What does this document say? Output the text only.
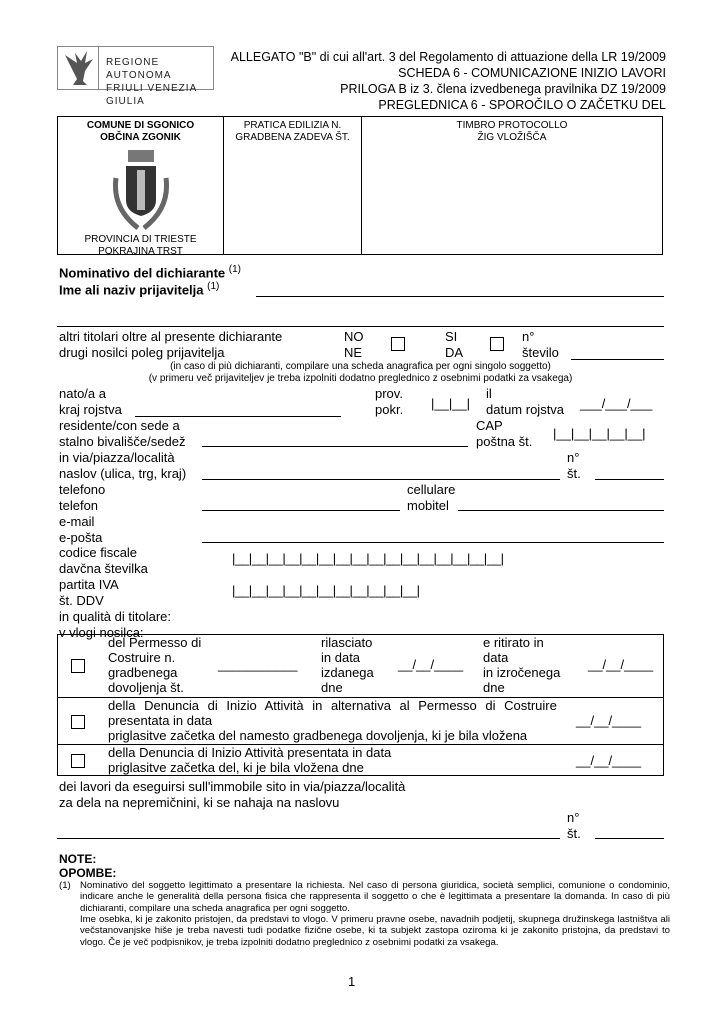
REGIONE AUTONOMA
FRIULI VENEZIA GIULIA
ALLEGATO "B" di cui all'art. 3 del Regolamento di attuazione della LR 19/2009
SCHEDA 6 - COMUNICAZIONE INIZIO LAVORI
PRILOGA B iz 3. člena izvedbenega pravilnika DZ 19/2009
PREGLEDNICA 6 - SPOROČILO O ZAČETKU DEL
COMUNE DI SGONICO
OBČINA ZGONIK
PROVINCIA DI TRIESTE
POKRAJINA TRST
PRATICA EDILIZIA N.
GRADBENA ZADEVA ŠT.
TIMBRO PROTOCOLLO
ŽIG VLOŽIŠČA
Nominativo del dichiarante $^{(1)}$
Ime ali naziv prijavitelja $^{(1)}$
altri titolari oltre al presente dichiarante
drugi nosilci poleg prijavitelja
NO
NE
SI
DA
n°
število
(in caso di più dichiaranti, compilare una scheda anagrafica per ogni singolo soggetto)
(v primeru več prijaviteljev je treba izpolniti dodatno preglednico z osebnimi podatki za vsakega)
nato/a a
kraj rojstva
prov.
pokr. |__|__|
il
datum rojstva ___/___/___
residente/con sede a
stalno bivališče/sedež
CAP
poštna št.
|__|__|__|__|__|
in via/piazza/località
naslov (ulica, trg, kraj)
n°
št.
telefono
telefon
cellulare
mobitel
e-mail
e-pošta
codice fiscale
davčna številka
|__|__|__|__|__|__|__|__|__|__|__|__|__|__|__|__|
partita IVA
št. DDV
|__|__|__|__|__|__|__|__|__|__|__|
in qualità di titolare:
v vlogi nosilca:
del Permesso di
Costruire n.
gradbenega
dovoljenja št.
___________
rilasciato
in data
izdanega
dne
__/__/____
e ritirato in
data
in izročenega
dne
__/__/____
della Denuncia di Inizio Attività in alternativa al Permesso di Costruire
presentata in data
priglasitve začetka del namesto gradbenega dovoljenja, ki je bila vložena
__/__/____
della Denuncia di Inizio Attività presentata in data
priglasitve začetka del, ki je bila vložena dne	__/__/____
dei lavori da eseguirsi sull'immobile sito in via/piazza/località
za dela na nepremičnini, ki se nahaja na naslovu
n°
št.
NOTE:
OPOMBE:
(1) Nominativo del soggetto legittimato a presentare la richiesta. Nel caso di persona giuridica, società semplici, comunione o condominio, indicare anche le generalità della persona fisica che rappresenta il soggetto o che è legittimata a presentare la domanda. In caso di più dichiaranti, compilare una scheda anagrafica per ogni soggetto.
Ime osebka, ki je zakonito pristojen, da predstavi to vlogo. V primeru pravne osebe, navadnih podjetij, skupnega družinskega lastništva ali večstanovanjske hiše je treba navesti tudi podatke fizične osebe, ki ta subjekt zastopa oziroma ki je zakonito pristojna, da predstavi to vlogo. Če je več podpisnikov, je treba izpolniti dodatno preglednico z osebnimi podatki za vsakega.
1
